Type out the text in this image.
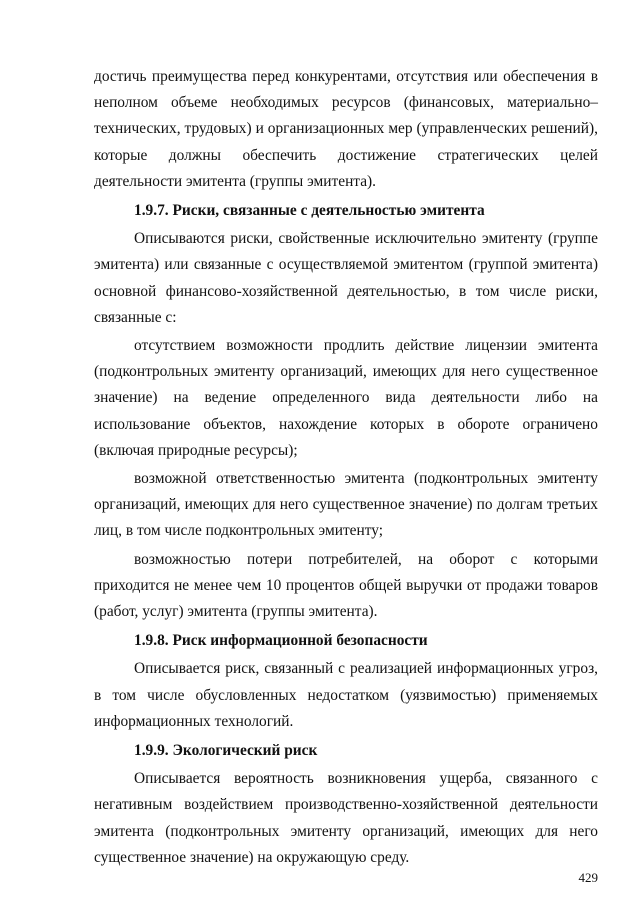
достичь преимущества перед конкурентами, отсутствия или обеспечения в неполном объеме необходимых ресурсов (финансовых, материально–технических, трудовых) и организационных мер (управленческих решений), которые должны обеспечить достижение стратегических целей деятельности эмитента (группы эмитента).

1.9.7. Риски, связанные с деятельностью эмитента

Описываются риски, свойственные исключительно эмитенту (группе эмитента) или связанные с осуществляемой эмитентом (группой эмитента) основной финансово-хозяйственной деятельностью, в том числе риски, связанные с:

отсутствием возможности продлить действие лицензии эмитента (подконтрольных эмитенту организаций, имеющих для него существенное значение) на ведение определенного вида деятельности либо на использование объектов, нахождение которых в обороте ограничено (включая природные ресурсы);

возможной ответственностью эмитента (подконтрольных эмитенту организаций, имеющих для него существенное значение) по долгам третьих лиц, в том числе подконтрольных эмитенту;

возможностью потери потребителей, на оборот с которыми приходится не менее чем 10 процентов общей выручки от продажи товаров (работ, услуг) эмитента (группы эмитента).

1.9.8. Риск информационной безопасности

Описывается риск, связанный с реализацией информационных угроз, в том числе обусловленных недостатком (уязвимостью) применяемых информационных технологий.

1.9.9. Экологический риск

Описывается вероятность возникновения ущерба, связанного с негативным воздействием производственно-хозяйственной деятельности эмитента (подконтрольных эмитенту организаций, имеющих для него существенное значение) на окружающую среду.

429
